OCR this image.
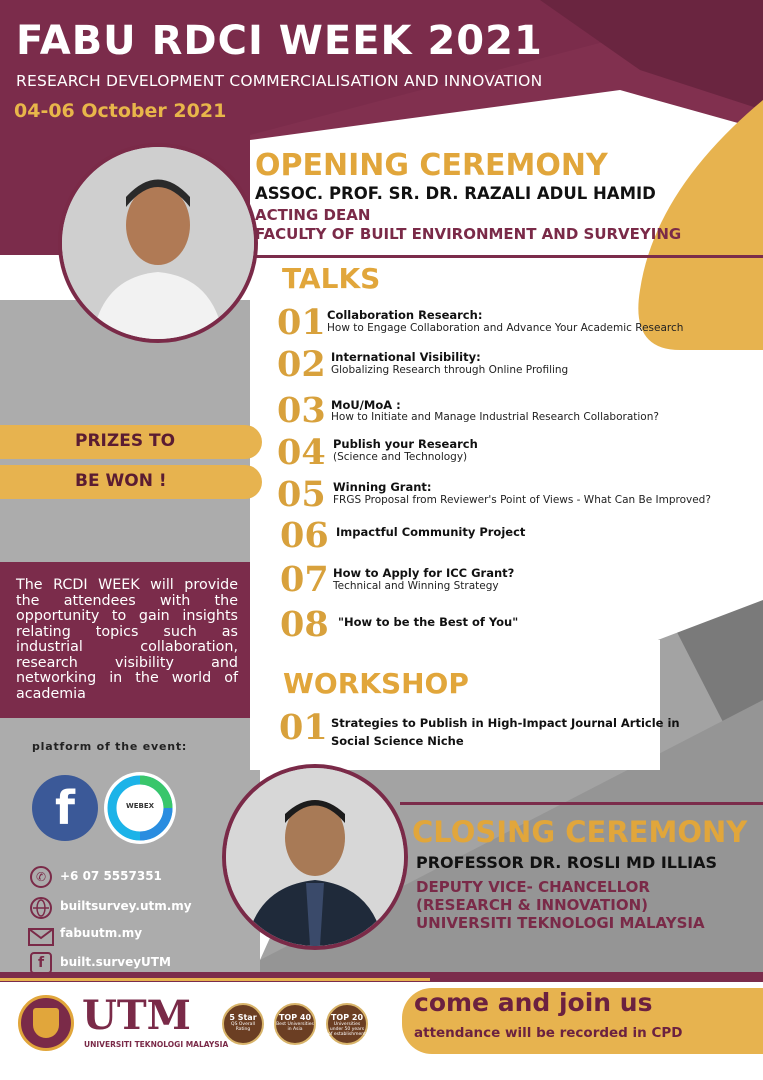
FABU RDCI WEEK 2021
RESEARCH DEVELOPMENT COMMERCIALISATION AND INNOVATION
04-06 October 2021
OPENING CEREMONY
ASSOC. PROF. SR. DR. RAZALI ADUL HAMID
ACTING DEAN
FACULTY OF BUILT ENVIRONMENT AND SURVEYING
TALKS
01 Collaboration Research:
How to Engage Collaboration and Advance Your Academic Research
02 International Visibility:
Globalizing Research through Online Profiling
03 MoU/MoA :
How to Initiate and Manage Industrial Research Collaboration?
04 Publish your Research
(Science and Technology)
05 Winning Grant:
FRGS Proposal from Reviewer's Point of Views - What Can Be Improved?
06 Impactful Community Project
07 How to Apply for ICC Grant?
Technical and Winning Strategy
08 "How to be the Best of You"
PRIZES TO
BE WON !
The RCDI WEEK will provide the attendees with the opportunity to gain insights relating topics such as industrial collaboration, research visibility and networking in the world of academia	WORKSHOP
01 Strategies to Publish in High-Impact Journal Article in
Social Science Niche
platform of the event:
f	WEBEX
✆	+6 07 5557351
builtsurvey.utm.my
fabuutm.my
f	built.surveyUTM
CLOSING CEREMONY
PROFESSOR DR. ROSLI MD ILLIAS
DEPUTY VICE- CHANCELLOR
(RESEARCH & INNOVATION)
UNIVERSITI TEKNOLOGI MALAYSIA
UTM
UNIVERSITI TEKNOLOGI MALAYSIA
5 Star
QS Overall Rating
TOP 40
Best Universities in Asia
TOP 20
Universities under 50 years of establishment
come and join us
attendance will be recorded in CPD
